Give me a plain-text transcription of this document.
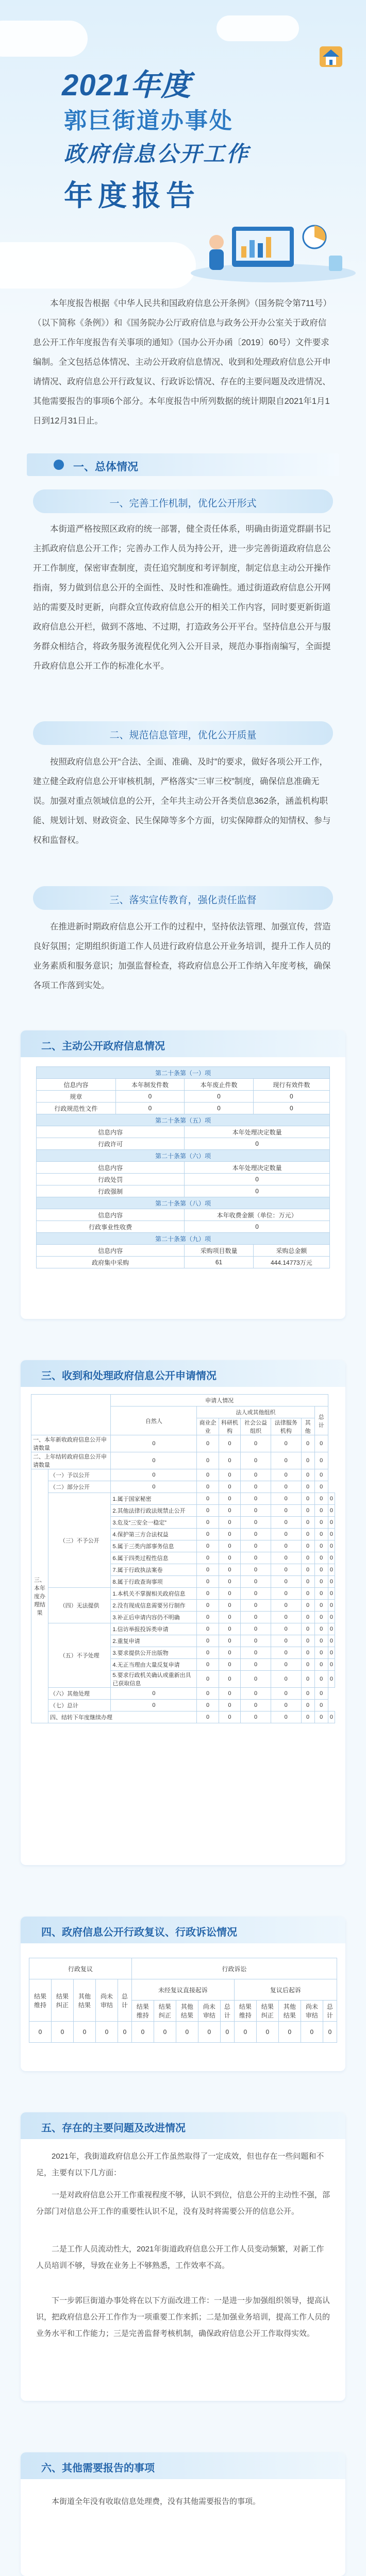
2021年度
郭巨街道办事处
政府信息公开工作
年度报告

本年度报告根据《中华人民共和国政府信息公开条例》（国务院令第711号）（以下简称《条例》）和《国务院办公厅政府信息与政务公开办公室关于政府信息公开工作年度报告有关事项的通知》（国办公开办函〔2019〕60号）文件要求编制。全文包括总体情况、主动公开政府信息情况、收到和处理政府信息公开申请情况、政府信息公开行政复议、行政诉讼情况、存在的主要问题及改进情况、其他需要报告的事项6个部分。本年度报告中所列数据的统计期限自2021年1月1日到12月31日止。

一、总体情况
一、完善工作机制，优化公开形式

本街道严格按照区政府的统一部署，健全责任体系，明确由街道党群副书记主抓政府信息公开工作；完善办工作人员为持公开，进一步完善街道政府信息公开工作制度，保密审查制度，责任追究制度和考评制度，制定信息主动公开操作指南，努力做到信息公开的全面性、及时性和准确性。通过街道政府信息公开网站的需要及时更新，向群众宣传政府信息公开的相关工作内容，同时要更新街道政府信息公开栏，做到不落地、不过期，打造政务公开平台。坚持信息公开与服务群众相结合，将政务服务流程优化列入公开目录，规范办事指南编写，全面提升政府信息公开工作的标准化水平。

二、规范信息管理，优化公开质量

按照政府信息公开“合法、全面、准确、及时”的要求，做好各项公开工作，建立健全政府信息公开审核机制，严格落实“三审三校”制度，确保信息准确无误。加强对重点领域信息的公开，全年共主动公开各类信息362条，涵盖机构职能、规划计划、财政资金、民生保障等多个方面，切实保障群众的知情权、参与权和监督权。

三、落实宣传教育，强化责任监督

在推进新时期政府信息公开工作的过程中，坚持依法管理、加强宣传，营造良好氛围；定期组织街道工作人员进行政府信息公开业务培训，提升工作人员的业务素质和服务意识；加强监督检查，将政府信息公开工作纳入年度考核，确保各项工作落到实处。

二、主动公开政府信息情况
第二十条第（一）项			
信息内容	本年制发件数	本年废止件数	现行有效件数
规章	0	0	0
行政规范性文件	0	0	0
第二十条第（五）项			
信息内容		本年处理决定数量	
行政许可		0	
第二十条第（六）项			
信息内容		本年处理决定数量	
行政处罚		0	
行政强制		0	
第二十条第（八）项			
信息内容		本年收费金额（单位：万元）	
行政事业性收费		0	
第二十条第（九）项			
信息内容		采购项目数量	采购总金额
政府集中采购		61	444.14773万元
三、收到和处理政府信息公开申请情况
		申请人情况							
		自然人	法人或其他组织					总计	
			商业企业	科研机构	社会公益组织	法律服务机构	其他		
一、本年新收政府信息公开申请数量		0	0	0	0	0	0	0	
二、上年结转政府信息公开申请数量		0	0	0	0	0	0	0	
三、本年度办理结果	（一）予以公开	0	0	0	0	0	0	0	
	（二）部分公开	0	0	0	0	0	0	0	
	（三）不予公开	1.属于国家秘密	0	0	0	0	0	0	0
		2.其他法律行政法规禁止公开	0	0	0	0	0	0	0
		3.危及“三安全一稳定”	0	0	0	0	0	0	0
		4.保护第三方合法权益	0	0	0	0	0	0	0
		5.属于三类内部事务信息	0	0	0	0	0	0	0
		6.属于四类过程性信息	0	0	0	0	0	0	0
		7.属于行政执法案卷	0	0	0	0	0	0	0
		8.属于行政查询事项	0	0	0	0	0	0	0
	（四）无法提供	1.本机关不掌握相关政府信息	0	0	0	0	0	0	0
		2.没有现成信息需要另行制作	0	0	0	0	0	0	0
		3.补正后申请内容仍不明确	0	0	0	0	0	0	0
	（五）不予处理	1.信访举报投诉类申请	0	0	0	0	0	0	0
		2.重复申请	0	0	0	0	0	0	0
		3.要求提供公开出版物	0	0	0	0	0	0	0
		4.无正当理由大量反复申请	0	0	0	0	0	0	0
		5.要求行政机关确认或重新出具已获取信息	0	0	0	0	0	0	0
	（六）其他处理	0	0	0	0	0	0	0	
	（七）总计	0	0	0	0	0	0	0	
	四、结转下年度继续办理		0	0	0	0	0	0	0
四、政府信息公开行政复议、行政诉讼情况
行政复议					行政诉讼									
结果维持	结果纠正	其他结果	尚未审结	总计	未经复议直接起诉					复议后起诉				
					结果维持	结果纠正	其他结果	尚未审结	总计	结果维持	结果纠正	其他结果	尚未审结	总计
0	0	0	0	0	0	0	0	0	0	0	0	0	0	0
五、存在的主要问题及改进情况

2021年，我街道政府信息公开工作虽然取得了一定成效，但也存在一些问题和不足，主要有以下几方面：

一是对政府信息公开工作重视程度不够，认识不到位，信息公开的主动性不强，部分部门对信息公开工作的重要性认识不足，没有及时将需要公开的信息公开。

二是工作人员流动性大，2021年街道政府信息公开工作人员变动频繁，对新工作人员培训不够，导致在业务上不够熟悉，工作效率不高。

下一步郭巨街道办事处将在以下方面改进工作：一是进一步加强组织领导，提高认识，把政府信息公开工作作为一项重要工作来抓；二是加强业务培训，提高工作人员的业务水平和工作能力；三是完善监督考核机制，确保政府信息公开工作取得实效。

六、其他需要报告的事项

本街道全年没有收取信息处理费，没有其他需要报告的事项。
